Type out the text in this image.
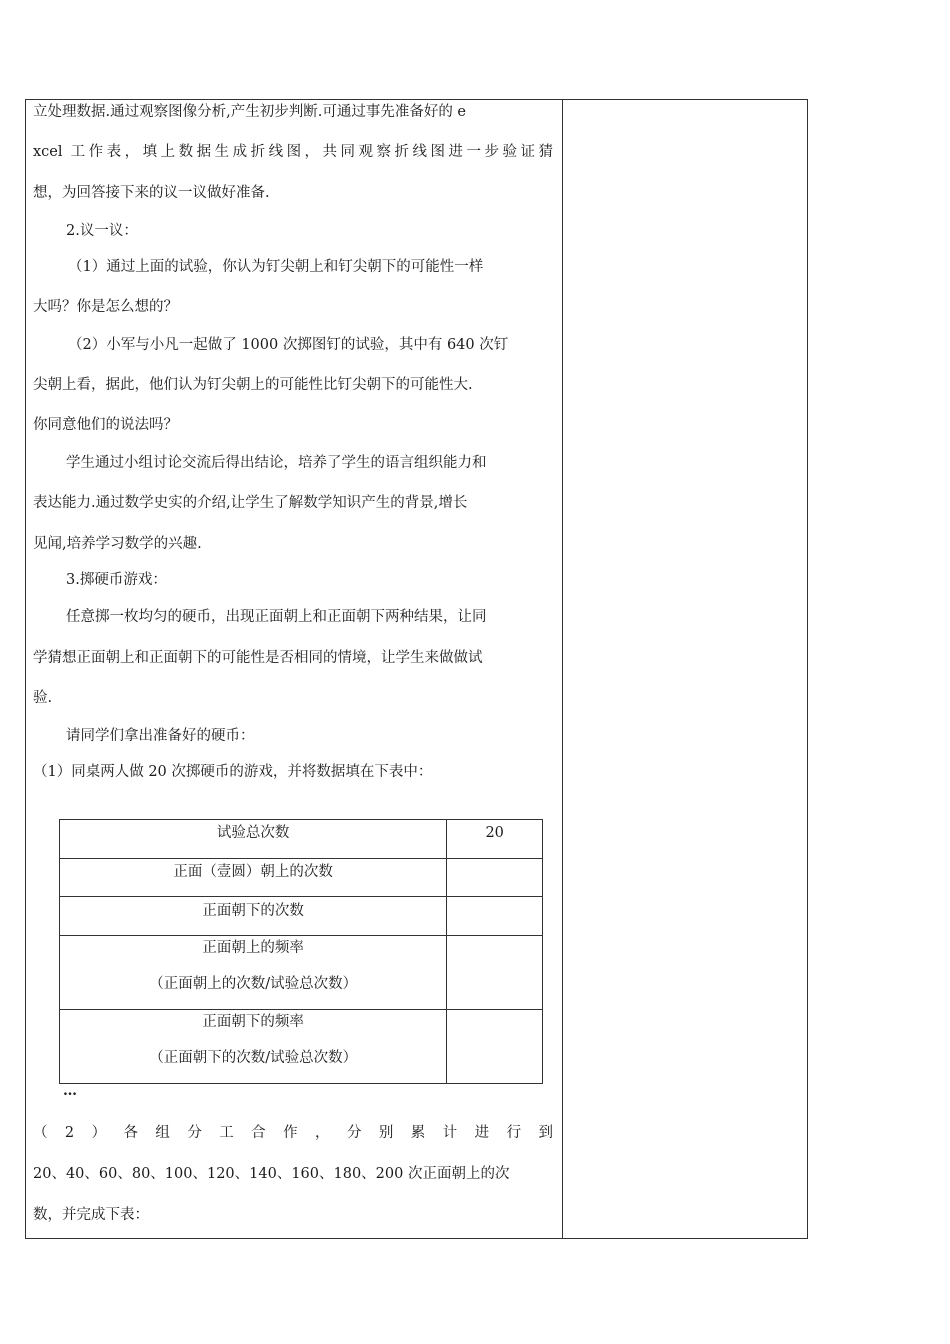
立处理数据.通过观察图像分析,产生初步判断.可通过事先准备好的 e
xcel 工作表，填上数据生成折线图，共同观察折线图进一步验证猜
想，为回答接下来的议一议做好准备.
2.议一议：
（1）通过上面的试验，你认为钉尖朝上和钉尖朝下的可能性一样
大吗？你是怎么想的？
（2）小军与小凡一起做了 1000 次掷图钉的试验，其中有 640 次钉
尖朝上看，据此，他们认为钉尖朝上的可能性比钉尖朝下的可能性大.
你同意他们的说法吗？
学生通过小组讨论交流后得出结论，培养了学生的语言组织能力和
表达能力.通过数学史实的介绍,让学生了解数学知识产生的背景,增长
见闻,培养学习数学的兴趣.
3.掷硬币游戏：
任意掷一枚均匀的硬币，出现正面朝上和正面朝下两种结果，让同
学猜想正面朝上和正面朝下的可能性是否相同的情境，让学生来做做试
验.
请同学们拿出准备好的硬币：
（1）同桌两人做 20 次掷硬币的游戏，并将数据填在下表中：
（2）各组分工合作，分别累计进行到
20、40、60、80、100、120、140、160、180、200 次正面朝上的次
数，并完成下表：
试验总次数	20

正面（壹圆）朝上的次数	

正面朝下的次数	

正面朝上的频率
（正面朝上的次数/试验总次数）	

正面朝下的频率
（正面朝下的次数/试验总次数）	

…
